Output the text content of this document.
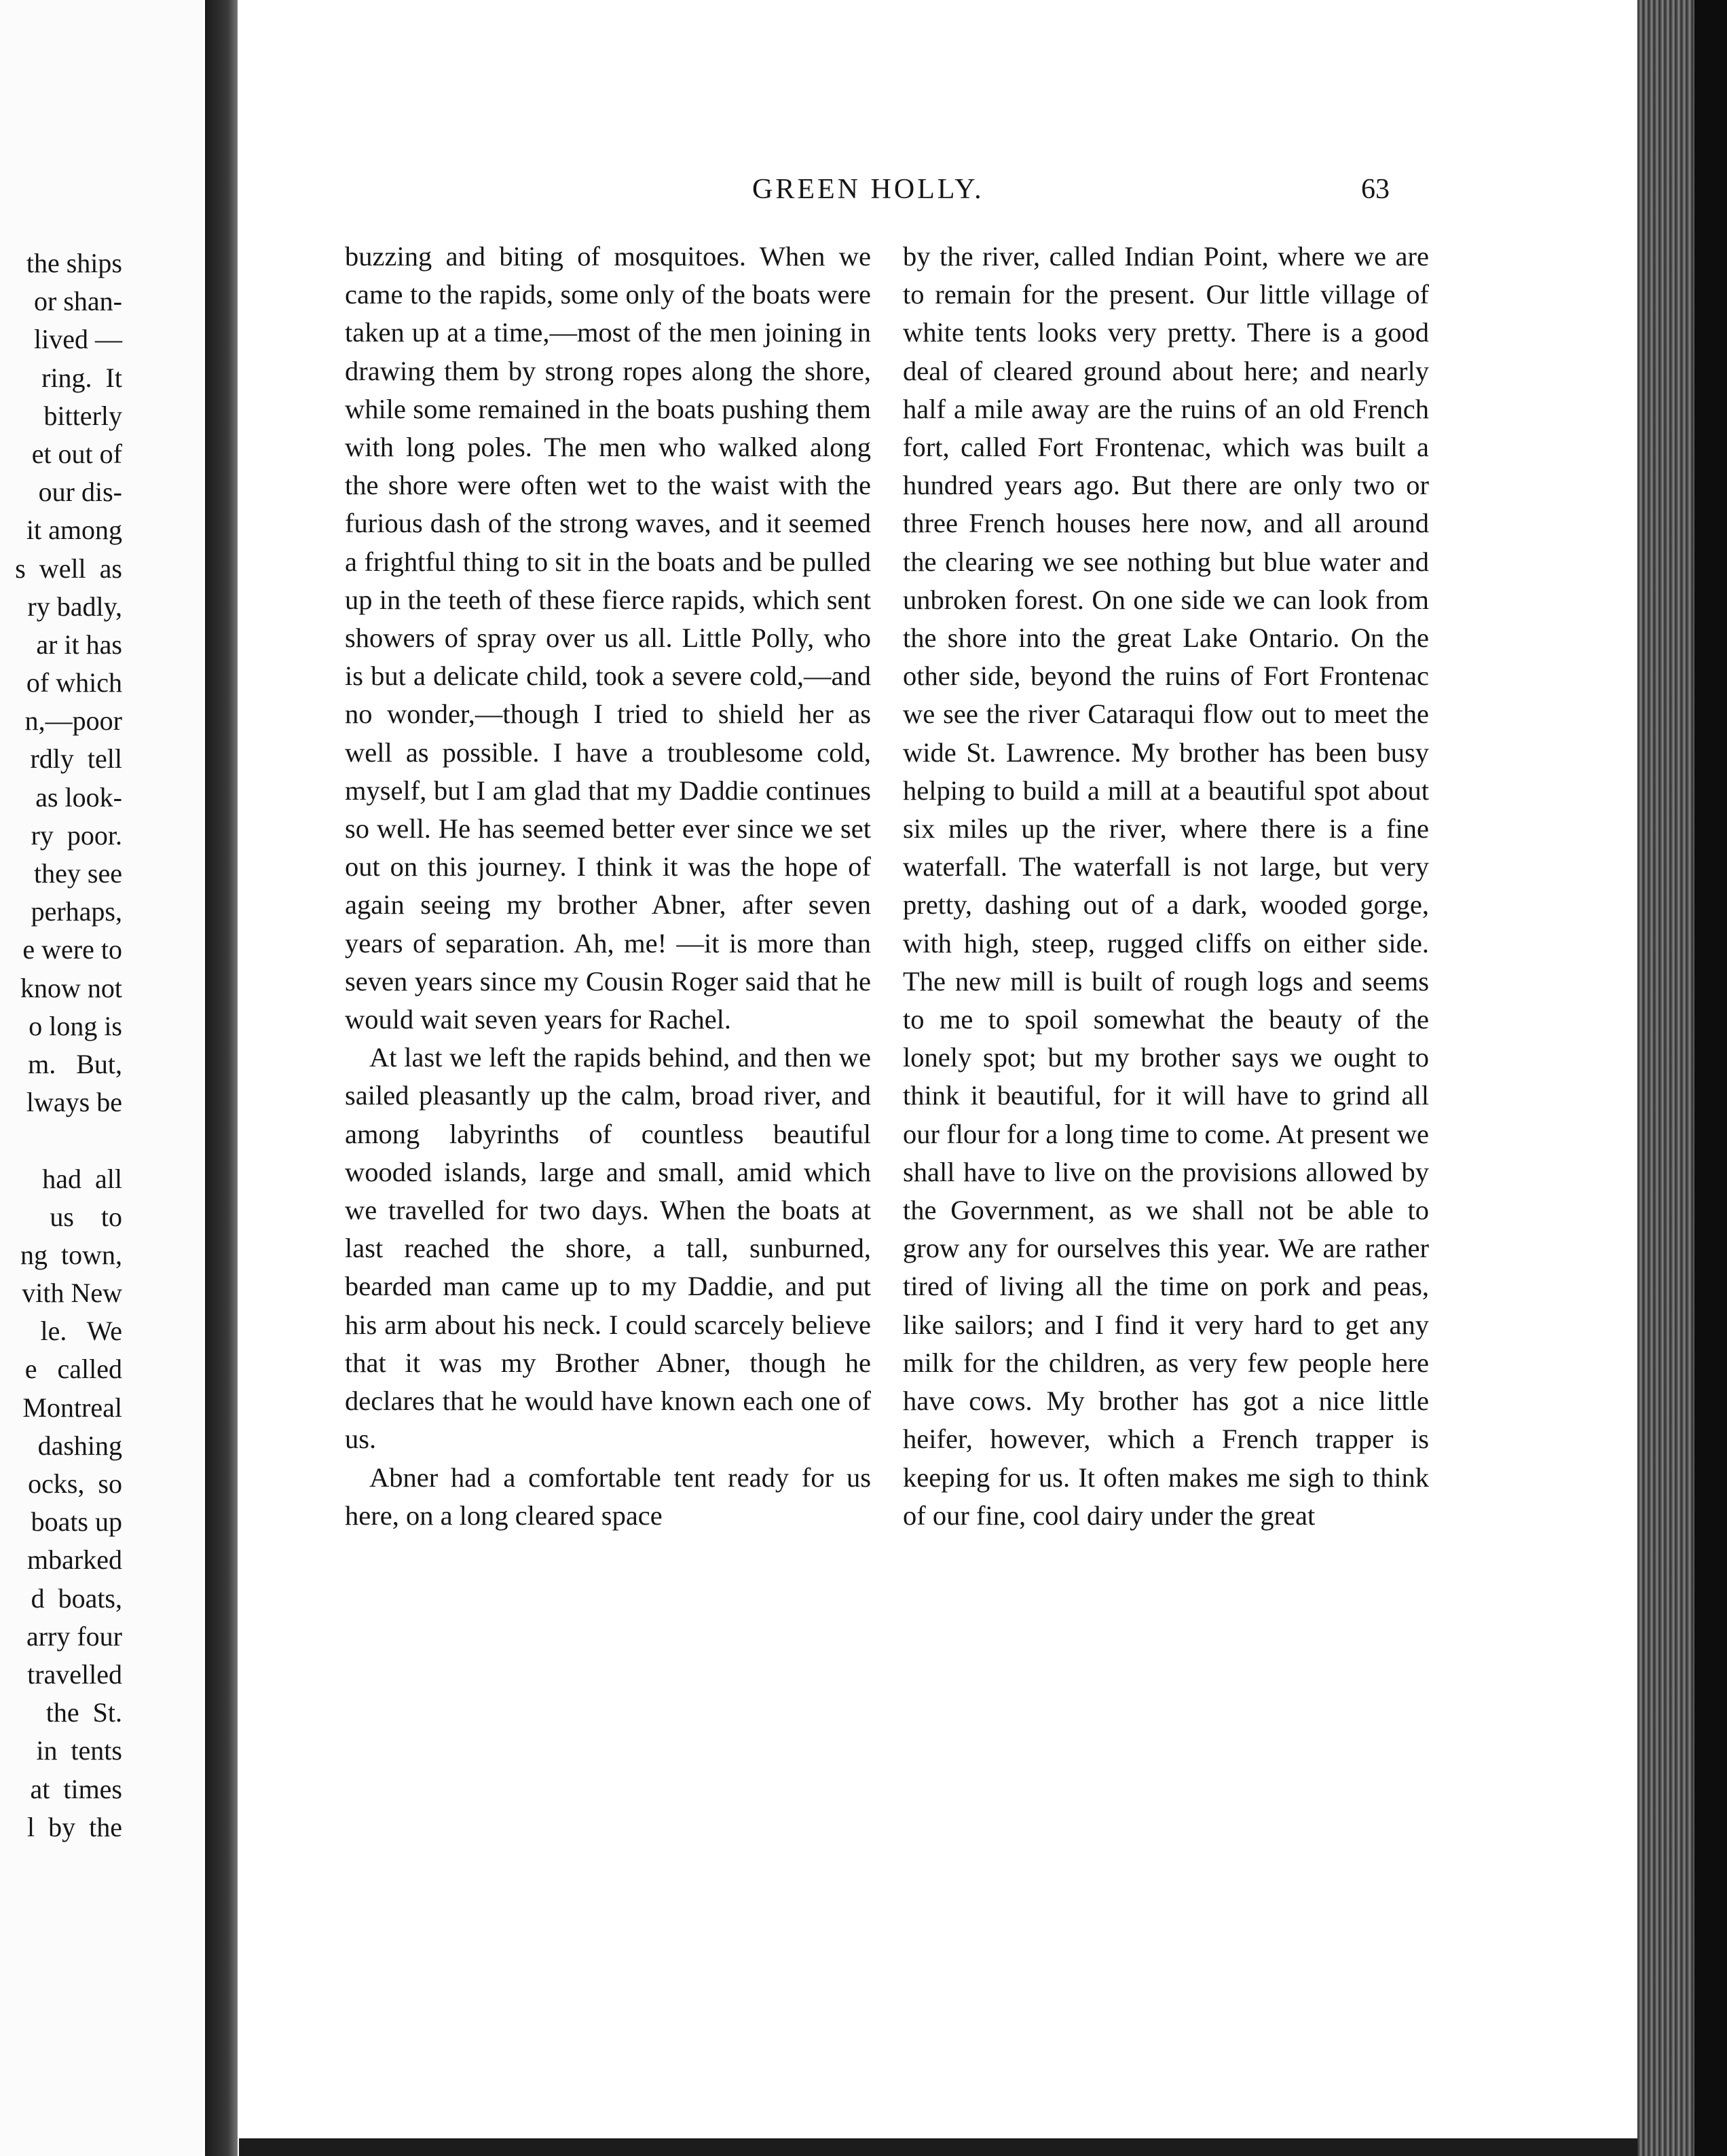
the ships
or shan-
lived —
ring.  It
bitterly
et out of
our dis-
it among
s  well  as
ry badly,
ar it has
of which
n,—poor
rdly  tell
as look-
ry  poor.
they see
perhaps,
e were to
know not
o long is
m.   But,
lways be
had  all
us    to
ng  town,
vith New
le.   We
e   called
Montreal
dashing
ocks,  so
boats up
mbarked
d  boats,
arry four
travelled
the  St.
in  tents
at  times
l  by  the
GREEN HOLLY.	63

buzzing and biting of mosquitoes. When we came to the rapids, some only of the boats were taken up at a time,—most of the men joining in drawing them by strong ropes along the shore, while some remained in the boats pushing them with long poles. The men who walked along the shore were often wet to the waist with the furious dash of the strong waves, and it seemed a frightful thing to sit in the boats and be pulled up in the teeth of these fierce rapids, which sent showers of spray over us all. Little Polly, who is but a delicate child, took a severe cold,—and no wonder,—though I tried to shield her as well as possible. I have a troublesome cold, myself, but I am glad that my Daddie continues so well. He has seemed better ever since we set out on this journey. I think it was the hope of again seeing my brother Abner, after seven years of separation. Ah, me! —it is more than seven years since my Cousin Roger said that he would wait seven years for Rachel.

At last we left the rapids behind, and then we sailed pleasantly up the calm, broad river, and among labyrinths of countless beautiful wooded islands, large and small, amid which we travelled for two days. When the boats at last reached the shore, a tall, sunburned, bearded man came up to my Daddie, and put his arm about his neck. I could scarcely believe that it was my Brother Abner, though he declares that he would have known each one of us.

Abner had a comfortable tent ready for us here, on a long cleared space

by the river, called Indian Point, where we are to remain for the present. Our little village of white tents looks very pretty. There is a good deal of cleared ground about here; and nearly half a mile away are the ruins of an old French fort, called Fort Frontenac, which was built a hundred years ago. But there are only two or three French houses here now, and all around the clearing we see nothing but blue water and unbroken forest. On one side we can look from the shore into the great Lake Ontario. On the other side, beyond the ruins of Fort Frontenac we see the river Cataraqui flow out to meet the wide St. Lawrence. My brother has been busy helping to build a mill at a beautiful spot about six miles up the river, where there is a fine waterfall. The waterfall is not large, but very pretty, dashing out of a dark, wooded gorge, with high, steep, rugged cliffs on either side. The new mill is built of rough logs and seems to me to spoil somewhat the beauty of the lonely spot; but my brother says we ought to think it beautiful, for it will have to grind all our flour for a long time to come. At present we shall have to live on the provisions allowed by the Government, as we shall not be able to grow any for ourselves this year. We are rather tired of living all the time on pork and peas, like sailors; and I find it very hard to get any milk for the children, as very few people here have cows. My brother has got a nice little heifer, however, which a French trapper is keeping for us. It often makes me sigh to think of our fine, cool dairy under the great
